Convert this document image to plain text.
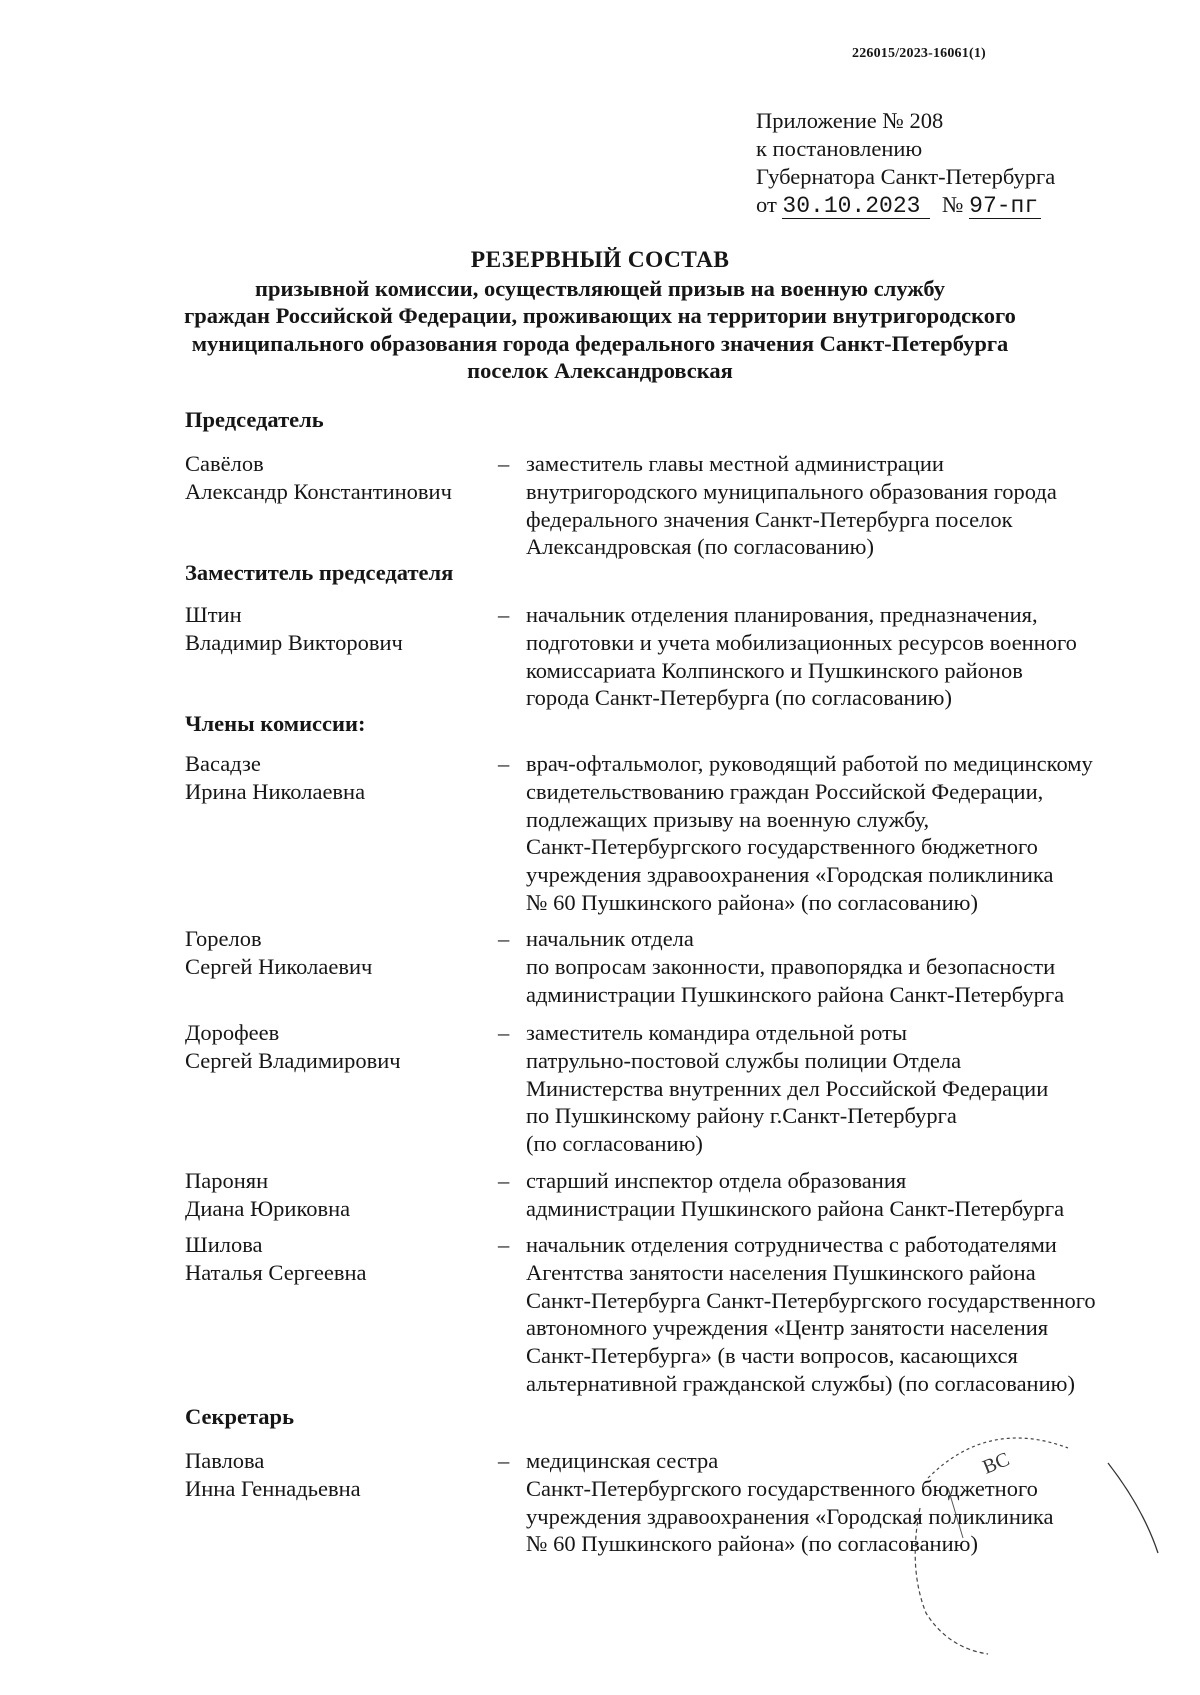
226015/2023-16061(1)
Приложение № 208
к постановлению
Губернатора Санкт-Петербурга
от 30.10.2023 № 97-пг
РЕЗЕРВНЫЙ СОСТАВ
призывной комиссии, осуществляющей призыв на военную службу
граждан Российской Федерации, проживающих на территории внутригородского
муниципального образования города федерального значения Санкт-Петербурга
поселок Александровская
Председатель
Савёлов
Александр Константинович
– заместитель главы местной администрации
внутригородского муниципального образования города
федерального значения Санкт-Петербурга поселок
Александровская (по согласованию)
Заместитель председателя
Штин
Владимир Викторович
– начальник отделения планирования, предназначения,
подготовки и учета мобилизационных ресурсов военного
комиссариата Колпинского и Пушкинского районов
города Санкт-Петербурга (по согласованию)
Члены комиссии:
Васадзе
Ирина Николаевна
– врач-офтальмолог, руководящий работой по медицинскому
свидетельствованию граждан Российской Федерации,
подлежащих призыву на военную службу,
Санкт-Петербургского государственного бюджетного
учреждения здравоохранения «Городская поликлиника
№ 60 Пушкинского района» (по согласованию)
Горелов
Сергей Николаевич
– начальник отдела
по вопросам законности, правопорядка и безопасности
администрации Пушкинского района Санкт-Петербурга
Дорофеев
Сергей Владимирович
– заместитель командира отдельной роты
патрульно-постовой службы полиции Отдела
Министерства внутренних дел Российской Федерации
по Пушкинскому району г.Санкт-Петербурга
(по согласованию)
Паронян
Диана Юриковна
– старший инспектор отдела образования
администрации Пушкинского района Санкт-Петербурга
Шилова
Наталья Сергеевна
– начальник отделения сотрудничества с работодателями
Агентства занятости населения Пушкинского района
Санкт-Петербурга Санкт-Петербургского государственного
автономного учреждения «Центр занятости населения
Санкт-Петербурга» (в части вопросов, касающихся
альтернативной гражданской службы) (по согласованию)
Секретарь
Павлова
Инна Геннадьевна
– медицинская сестра
Санкт-Петербургского государственного бюджетного
учреждения здравоохранения «Городская поликлиника
№ 60 Пушкинского района» (по согласованию)
ВС
